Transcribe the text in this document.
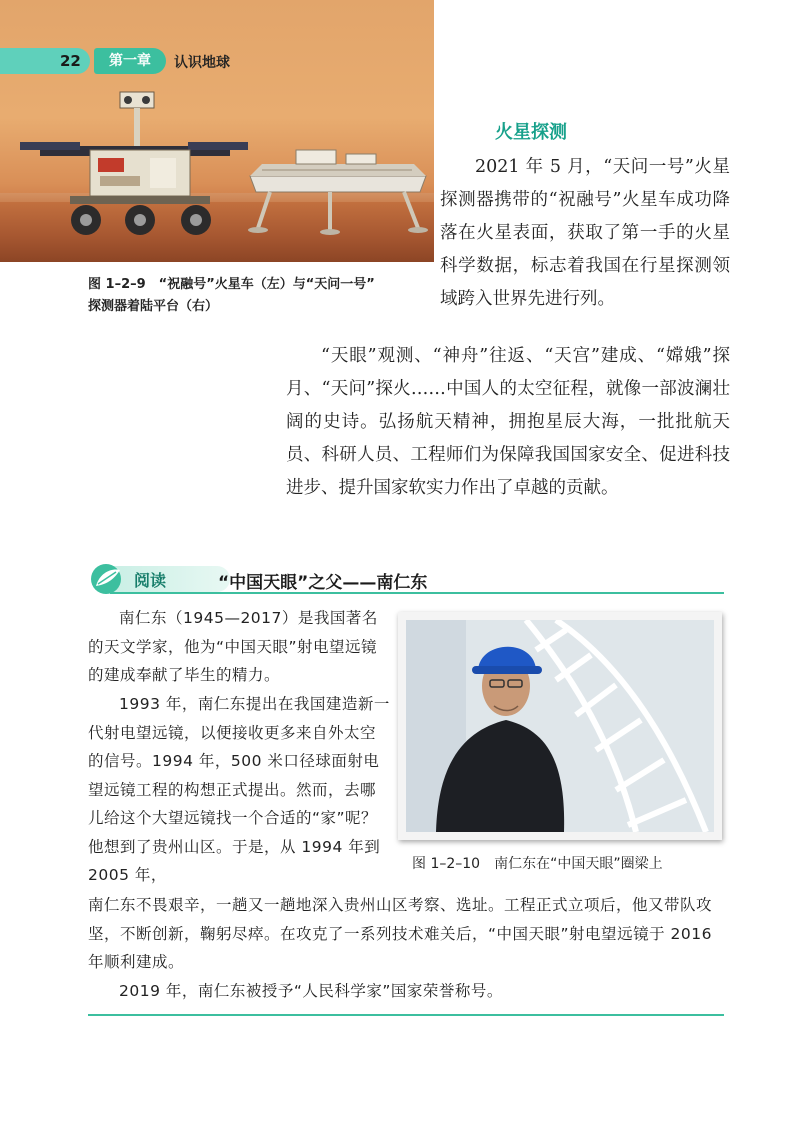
22	第一章	认识地球
图 1–2–9　“祝融号”火星车（左）与“天问一号”
探测器着陆平台（右）
火星探测

2021 年 5 月，“天问一号”火星探测器携带的“祝融号”火星车成功降落在火星表面，获取了第一手的火星科学数据，标志着我国在行星探测领域跨入世界先进行列。

“天眼”观测、“神舟”往返、“天宫”建成、“嫦娥”探月、“天问”探火……中国人的太空征程，就像一部波澜壮阔的史诗。弘扬航天精神，拥抱星辰大海，一批批航天员、科研人员、工程师们为保障我国国家安全、促进科技进步、提升国家软实力作出了卓越的贡献。

阅读	“中国天眼”之父——南仁东

南仁东（1945—2017）是我国著名的天文学家，他为“中国天眼”射电望远镜的建成奉献了毕生的精力。

1993 年，南仁东提出在我国建造新一代射电望远镜，以便接收更多来自外太空的信号。1994 年，500 米口径球面射电望远镜工程的构想正式提出。然而，去哪儿给这个大望远镜找一个合适的“家”呢？他想到了贵州山区。于是，从 1994 年到 2005 年，

南仁东不畏艰辛，一趟又一趟地深入贵州山区考察、选址。工程正式立项后，他又带队攻坚，不断创新，鞠躬尽瘁。在攻克了一系列技术难关后，“中国天眼”射电望远镜于 2016 年顺利建成。

2019 年，南仁东被授予“人民科学家”国家荣誉称号。

图 1–2–10　南仁东在“中国天眼”圈梁上
